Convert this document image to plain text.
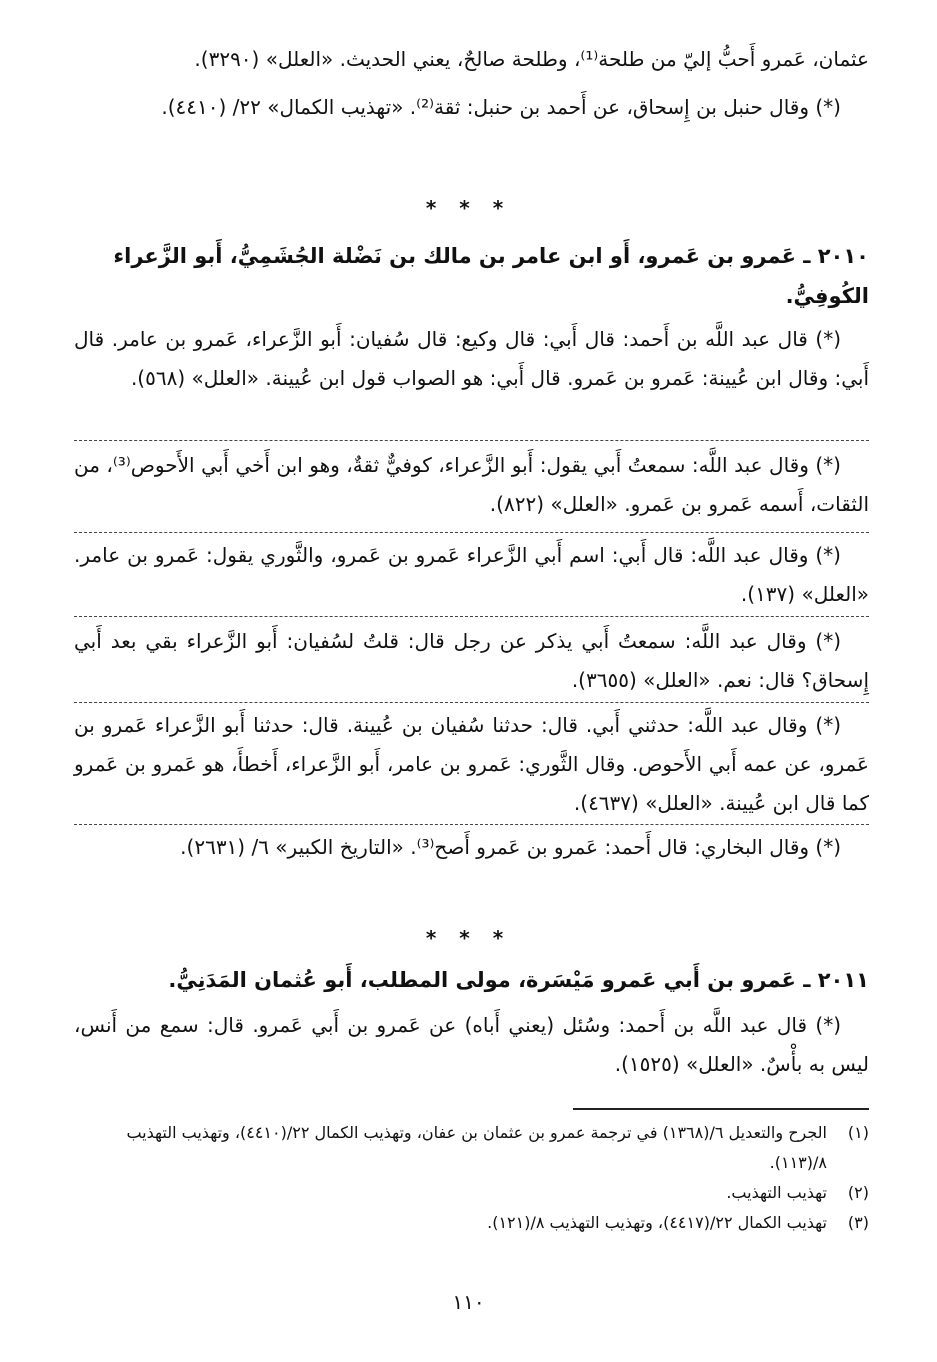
عثمان، عَمرو أَحبُّ إليّ من طلحة⁽¹⁾، وطلحة صالحٌ، يعني الحديث. «العلل» (٣٢٩٠).
(*) وقال حنبل بن إِسحاق، عن أَحمد بن حنبل: ثقة⁽²⁾. «تهذيب الكمال» ٢٢/ (٤٤١٠).
* * *
٢٠١٠ ـ عَمرو بن عَمرو، أَو ابن عامر بن مالك بن نَضْلة الجُشَمِيُّ، أَبو الزَّعراء الكُوفِيُّ.
(*) قال عبد اللَّه بن أَحمد: قال أَبي: قال وكيع: قال سُفيان: أَبو الزَّعراء، عَمرو بن عامر. قال أَبي: وقال ابن عُيينة: عَمرو بن عَمرو. قال أَبي: هو الصواب قول ابن عُيينة. «العلل» (٥٦٨).
(*) وقال عبد اللَّه: سمعتُ أَبي يقول: أَبو الزَّعراء، كوفيٌّ ثقةٌ، وهو ابن أَخي أَبي الأَحوص⁽³⁾، من الثقات، أَسمه عَمرو بن عَمرو. «العلل» (٨٢٢).
(*) وقال عبد اللَّه: قال أَبي: اسم أَبي الزَّعراء عَمرو بن عَمرو، والثَّوري يقول: عَمرو بن عامر. «العلل» (١٣٧).
(*) وقال عبد اللَّه: سمعتُ أَبي يذكر عن رجل قال: قلتُ لسُفيان: أَبو الزَّعراء بقي بعد أَبي إِسحاق؟ قال: نعم. «العلل» (٣٦٥٥).
(*) وقال عبد اللَّه: حدثني أَبي. قال: حدثنا سُفيان بن عُيينة. قال: حدثنا أَبو الزَّعراء عَمرو بن عَمرو، عن عمه أَبي الأَحوص. وقال الثَّوري: عَمرو بن عامر، أَبو الزَّعراء، أَخطأَ، هو عَمرو بن عَمرو كما قال ابن عُيينة. «العلل» (٤٦٣٧).
(*) وقال البخاري: قال أَحمد: عَمرو بن عَمرو أَصح⁽³⁾. «التاريخ الكبير» ٦/ (٢٦٣١).
* * *
٢٠١١ ـ عَمرو بن أَبي عَمرو مَيْسَرة، مولى المطلب، أَبو عُثمان المَدَنِيُّ.
(*) قال عبد اللَّه بن أَحمد: وسُئل (يعني أَباه) عن عَمرو بن أَبي عَمرو. قال: سمع من أَنس، ليس به بأْسٌ. «العلل» (١٥٢٥).
(١)
الجرح والتعديل ٦/(١٣٦٨) في ترجمة عمرو بن عثمان بن عفان، وتهذيب الكمال ٢٢/(٤٤١٠)، وتهذيب التهذيب ٨/(١١٣).
(٢)
تهذيب التهذيب.
(٣)
تهذيب الكمال ٢٢/(٤٤١٧)، وتهذيب التهذيب ٨/(١٢١).
١١٠
